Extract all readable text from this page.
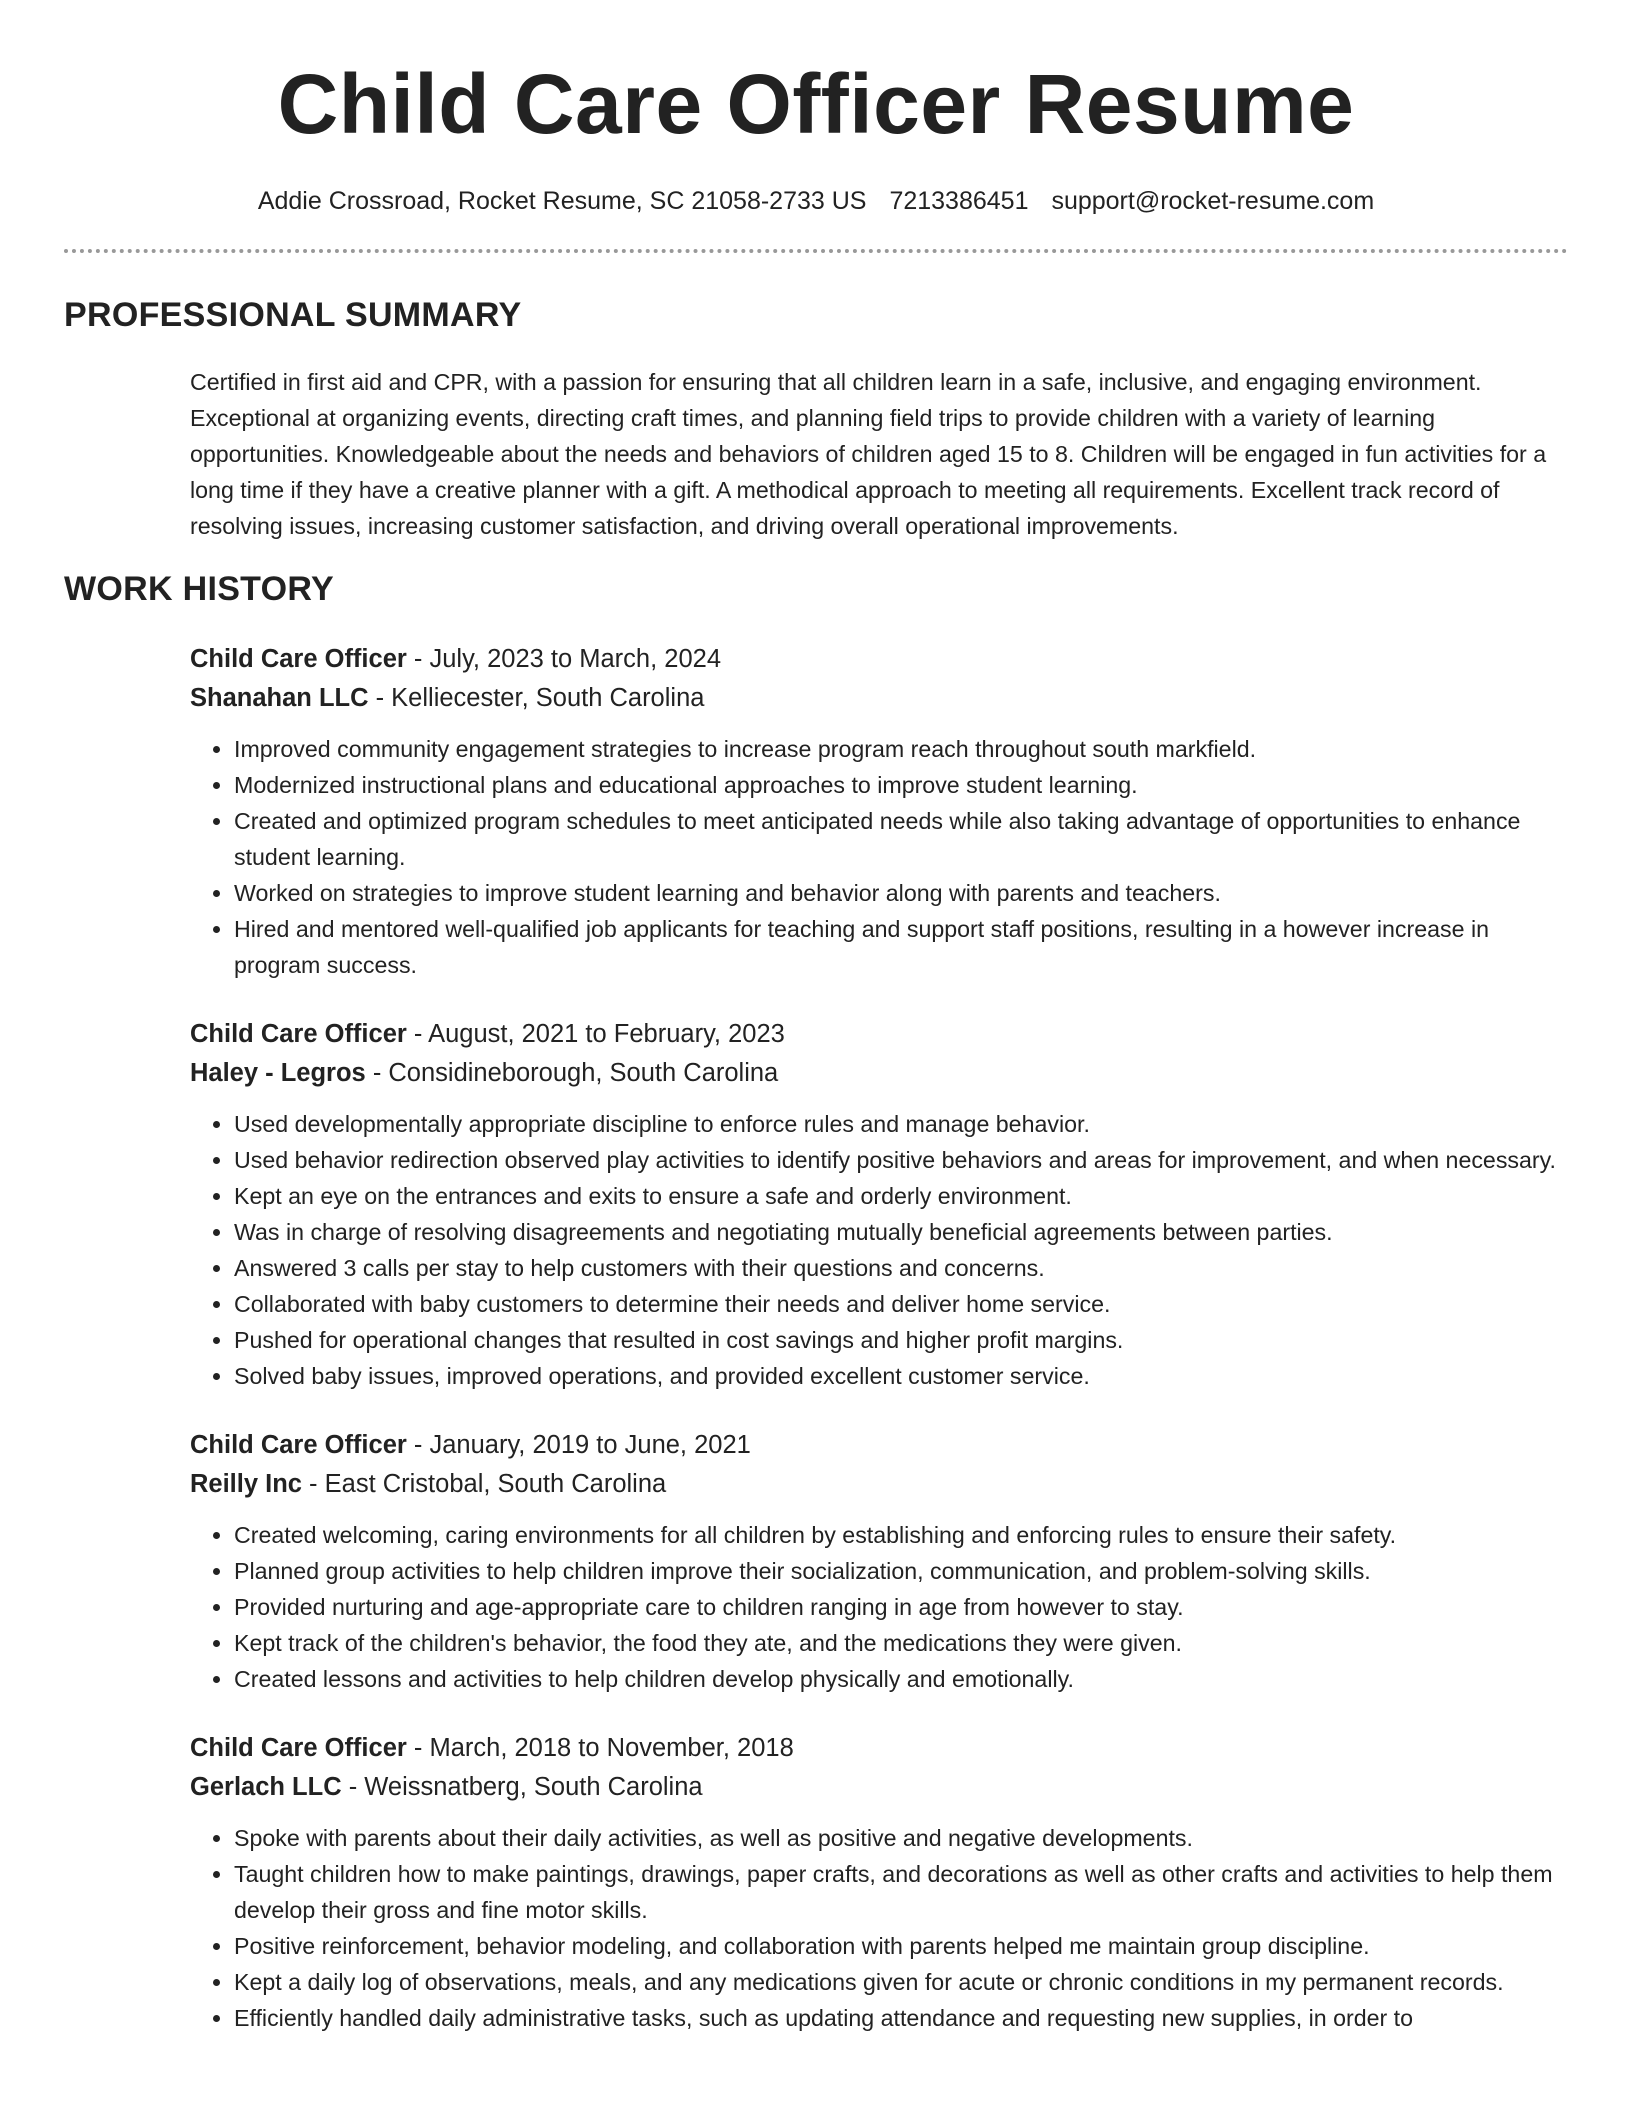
Child Care Officer Resume
Addie Crossroad, Rocket Resume, SC 21058-2733 US 7213386451 support@rocket-resume.com
PROFESSIONAL SUMMARY

Certified in first aid and CPR, with a passion for ensuring that all children learn in a safe, inclusive, and engaging environment. Exceptional at organizing events, directing craft times, and planning field trips to provide children with a variety of learning opportunities. Knowledgeable about the needs and behaviors of children aged 15 to 8. Children will be engaged in fun activities for a long time if they have a creative planner with a gift. A methodical approach to meeting all requirements. Excellent track record of resolving issues, increasing customer satisfaction, and driving overall operational improvements.

WORK HISTORY

Child Care Officer - July, 2023 to March, 2024

Shanahan LLC - Kelliecester, South Carolina

• Improved community engagement strategies to increase program reach throughout south markfield.
• Modernized instructional plans and educational approaches to improve student learning.
• Created and optimized program schedules to meet anticipated needs while also taking advantage of opportunities to enhance student learning.
• Worked on strategies to improve student learning and behavior along with parents and teachers.
• Hired and mentored well-qualified job applicants for teaching and support staff positions, resulting in a however increase in program success.

Child Care Officer - August, 2021 to February, 2023

Haley - Legros - Considineborough, South Carolina

• Used developmentally appropriate discipline to enforce rules and manage behavior.
• Used behavior redirection observed play activities to identify positive behaviors and areas for improvement, and when necessary.
• Kept an eye on the entrances and exits to ensure a safe and orderly environment.
• Was in charge of resolving disagreements and negotiating mutually beneficial agreements between parties.
• Answered 3 calls per stay to help customers with their questions and concerns.
• Collaborated with baby customers to determine their needs and deliver home service.
• Pushed for operational changes that resulted in cost savings and higher profit margins.
• Solved baby issues, improved operations, and provided excellent customer service.

Child Care Officer - January, 2019 to June, 2021

Reilly Inc - East Cristobal, South Carolina

• Created welcoming, caring environments for all children by establishing and enforcing rules to ensure their safety.
• Planned group activities to help children improve their socialization, communication, and problem-solving skills.
• Provided nurturing and age-appropriate care to children ranging in age from however to stay.
• Kept track of the children's behavior, the food they ate, and the medications they were given.
• Created lessons and activities to help children develop physically and emotionally.

Child Care Officer - March, 2018 to November, 2018

Gerlach LLC - Weissnatberg, South Carolina

• Spoke with parents about their daily activities, as well as positive and negative developments.
• Taught children how to make paintings, drawings, paper crafts, and decorations as well as other crafts and activities to help them develop their gross and fine motor skills.
• Positive reinforcement, behavior modeling, and collaboration with parents helped me maintain group discipline.
• Kept a daily log of observations, meals, and any medications given for acute or chronic conditions in my permanent records.
• Efficiently handled daily administrative tasks, such as updating attendance and requesting new supplies, in order to
